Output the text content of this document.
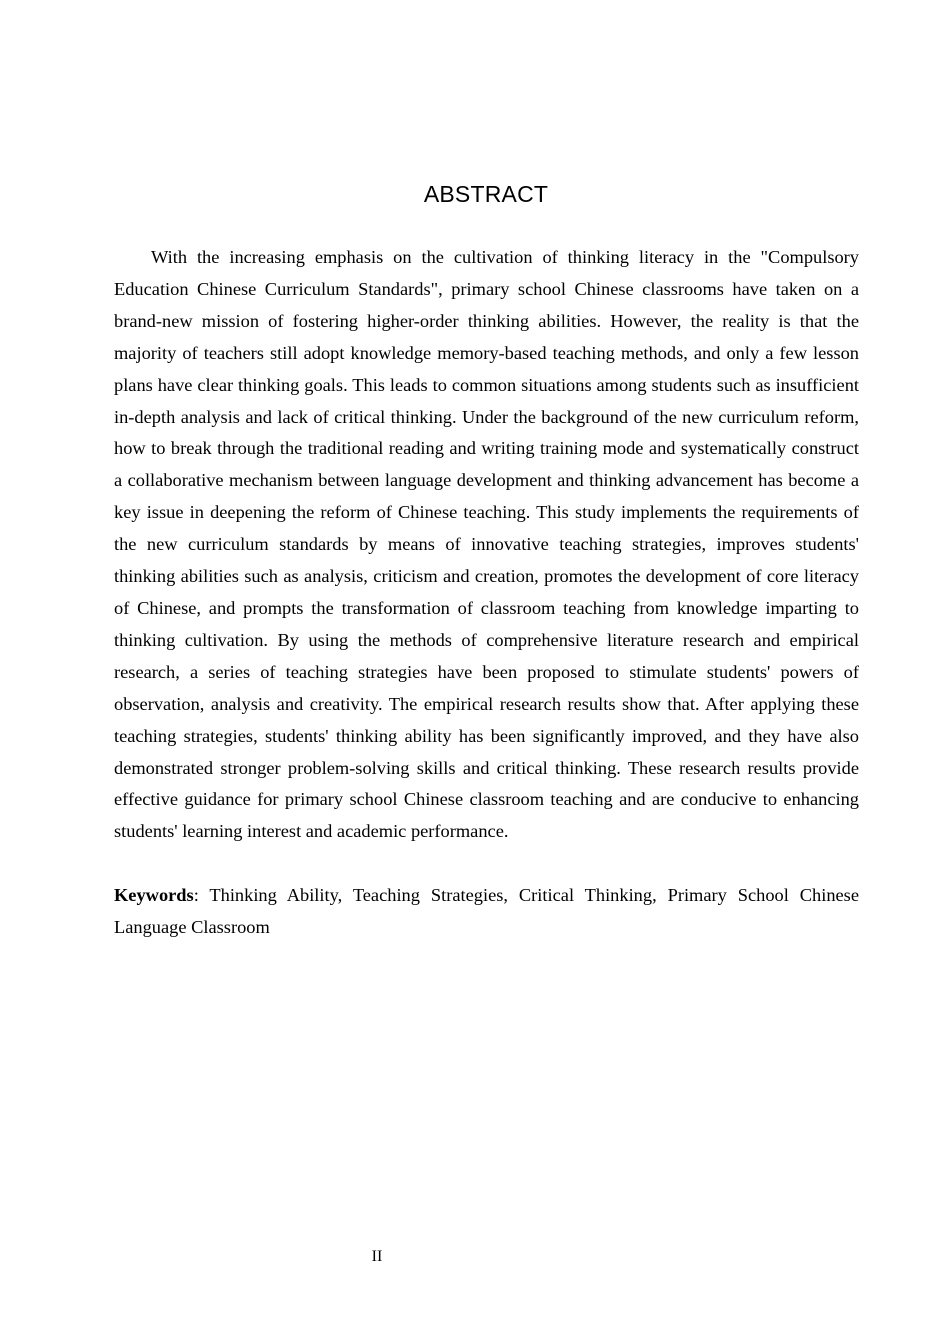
ABSTRACT

With the increasing emphasis on the cultivation of thinking literacy in the "Compulsory Education Chinese Curriculum Standards", primary school Chinese classrooms have taken on a brand-new mission of fostering higher-order thinking abilities. However, the reality is that the majority of teachers still adopt knowledge memory-based teaching methods, and only a few lesson plans have clear thinking goals. This leads to common situations among students such as insufficient in-depth analysis and lack of critical thinking. Under the background of the new curriculum reform, how to break through the traditional reading and writing training mode and systematically construct a collaborative mechanism between language development and thinking advancement has become a key issue in deepening the reform of Chinese teaching. This study implements the requirements of the new curriculum standards by means of innovative teaching strategies, improves students' thinking abilities such as analysis, criticism and creation, promotes the development of core literacy of Chinese, and prompts the transformation of classroom teaching from knowledge imparting to thinking cultivation. By using the methods of comprehensive literature research and empirical research, a series of teaching strategies have been proposed to stimulate students' powers of observation, analysis and creativity. The empirical research results show that. After applying these teaching strategies, students' thinking ability has been significantly improved, and they have also demonstrated stronger problem-solving skills and critical thinking. These research results provide effective guidance for primary school Chinese classroom teaching and are conducive to enhancing students' learning interest and academic performance.

Keywords: Thinking Ability, Teaching Strategies, Critical Thinking, Primary School Chinese Language Classroom

II
